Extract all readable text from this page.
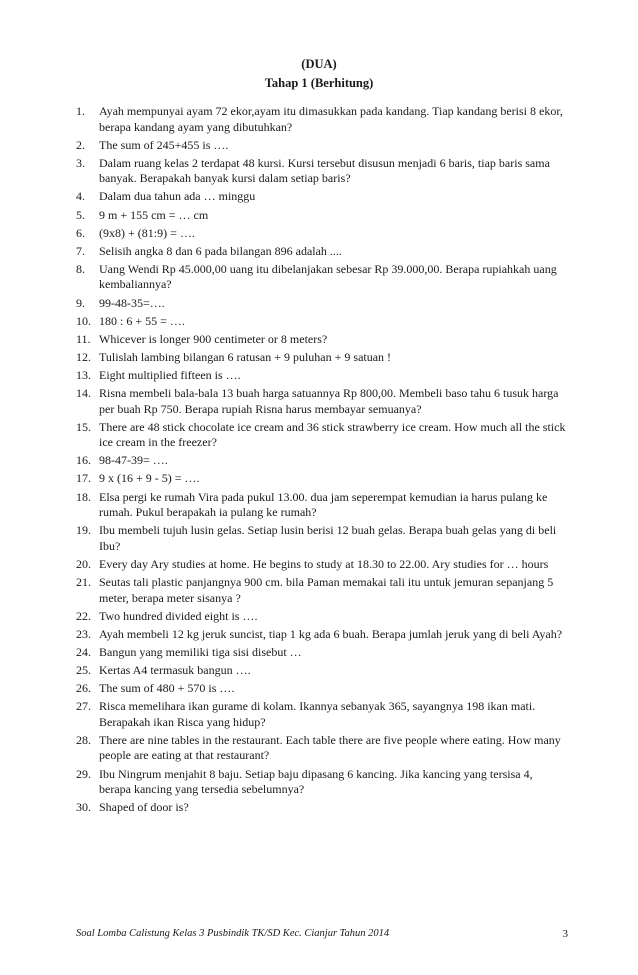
(DUA)
Tahap 1 (Berhitung)
1. Ayah mempunyai ayam 72 ekor,ayam itu dimasukkan pada kandang. Tiap kandang berisi 8 ekor, berapa kandang ayam yang dibutuhkan?
2. The sum of 245+455 is ….
3. Dalam ruang kelas 2 terdapat 48 kursi. Kursi tersebut disusun menjadi 6 baris, tiap baris sama banyak. Berapakah banyak kursi dalam setiap baris?
4. Dalam dua tahun ada … minggu
5. 9 m + 155 cm = … cm
6. (9x8) + (81:9) = ….
7. Selisih angka 8 dan 6 pada bilangan 896 adalah ....
8. Uang Wendi Rp 45.000,00 uang itu dibelanjakan sebesar Rp 39.000,00. Berapa rupiahkah uang kembaliannya?
9. 99-48-35=….
10. 180 : 6 + 55 = ….
11. Whicever is longer 900 centimeter or 8 meters?
12. Tulislah lambing bilangan 6 ratusan + 9 puluhan + 9 satuan !
13. Eight multiplied fifteen is ….
14. Risna membeli bala-bala 13 buah harga satuannya Rp 800,00. Membeli baso tahu 6 tusuk harga per buah Rp 750. Berapa rupiah Risna harus membayar semuanya?
15. There are 48 stick chocolate ice cream and 36 stick strawberry ice cream. How much all the stick ice cream in the freezer?
16. 98-47-39= ….
17. 9 x (16 + 9 - 5) = ….
18. Elsa pergi ke rumah Vira pada pukul 13.00. dua jam seperempat kemudian ia harus pulang ke rumah. Pukul berapakah ia pulang ke rumah?
19. Ibu membeli tujuh lusin gelas. Setiap lusin berisi 12 buah gelas. Berapa buah gelas yang di beli Ibu?
20. Every day Ary studies at home. He begins to study at 18.30 to 22.00. Ary studies for … hours
21. Seutas tali plastic panjangnya 900 cm. bila Paman memakai tali itu untuk jemuran sepanjang 5 meter, berapa meter sisanya ?
22. Two hundred divided eight is ….
23. Ayah membeli 12 kg jeruk suncist, tiap 1 kg ada 6 buah. Berapa jumlah jeruk yang di beli Ayah?
24. Bangun yang memiliki tiga sisi disebut …
25. Kertas A4 termasuk bangun ….
26. The sum of 480 + 570 is ….
27. Risca memelihara ikan gurame di kolam. Ikannya sebanyak 365, sayangnya 198 ikan mati. Berapakah ikan Risca yang hidup?
28. There are nine tables in the restaurant. Each table there are five people where eating. How many people are eating at that restaurant?
29. Ibu Ningrum menjahit 8 baju. Setiap baju dipasang 6 kancing. Jika kancing yang tersisa 4, berapa kancing yang tersedia sebelumnya?
30. Shaped of door is?
Soal Lomba Calistung Kelas 3 Pusbindik TK/SD Kec. Cianjur Tahun 2014	3
